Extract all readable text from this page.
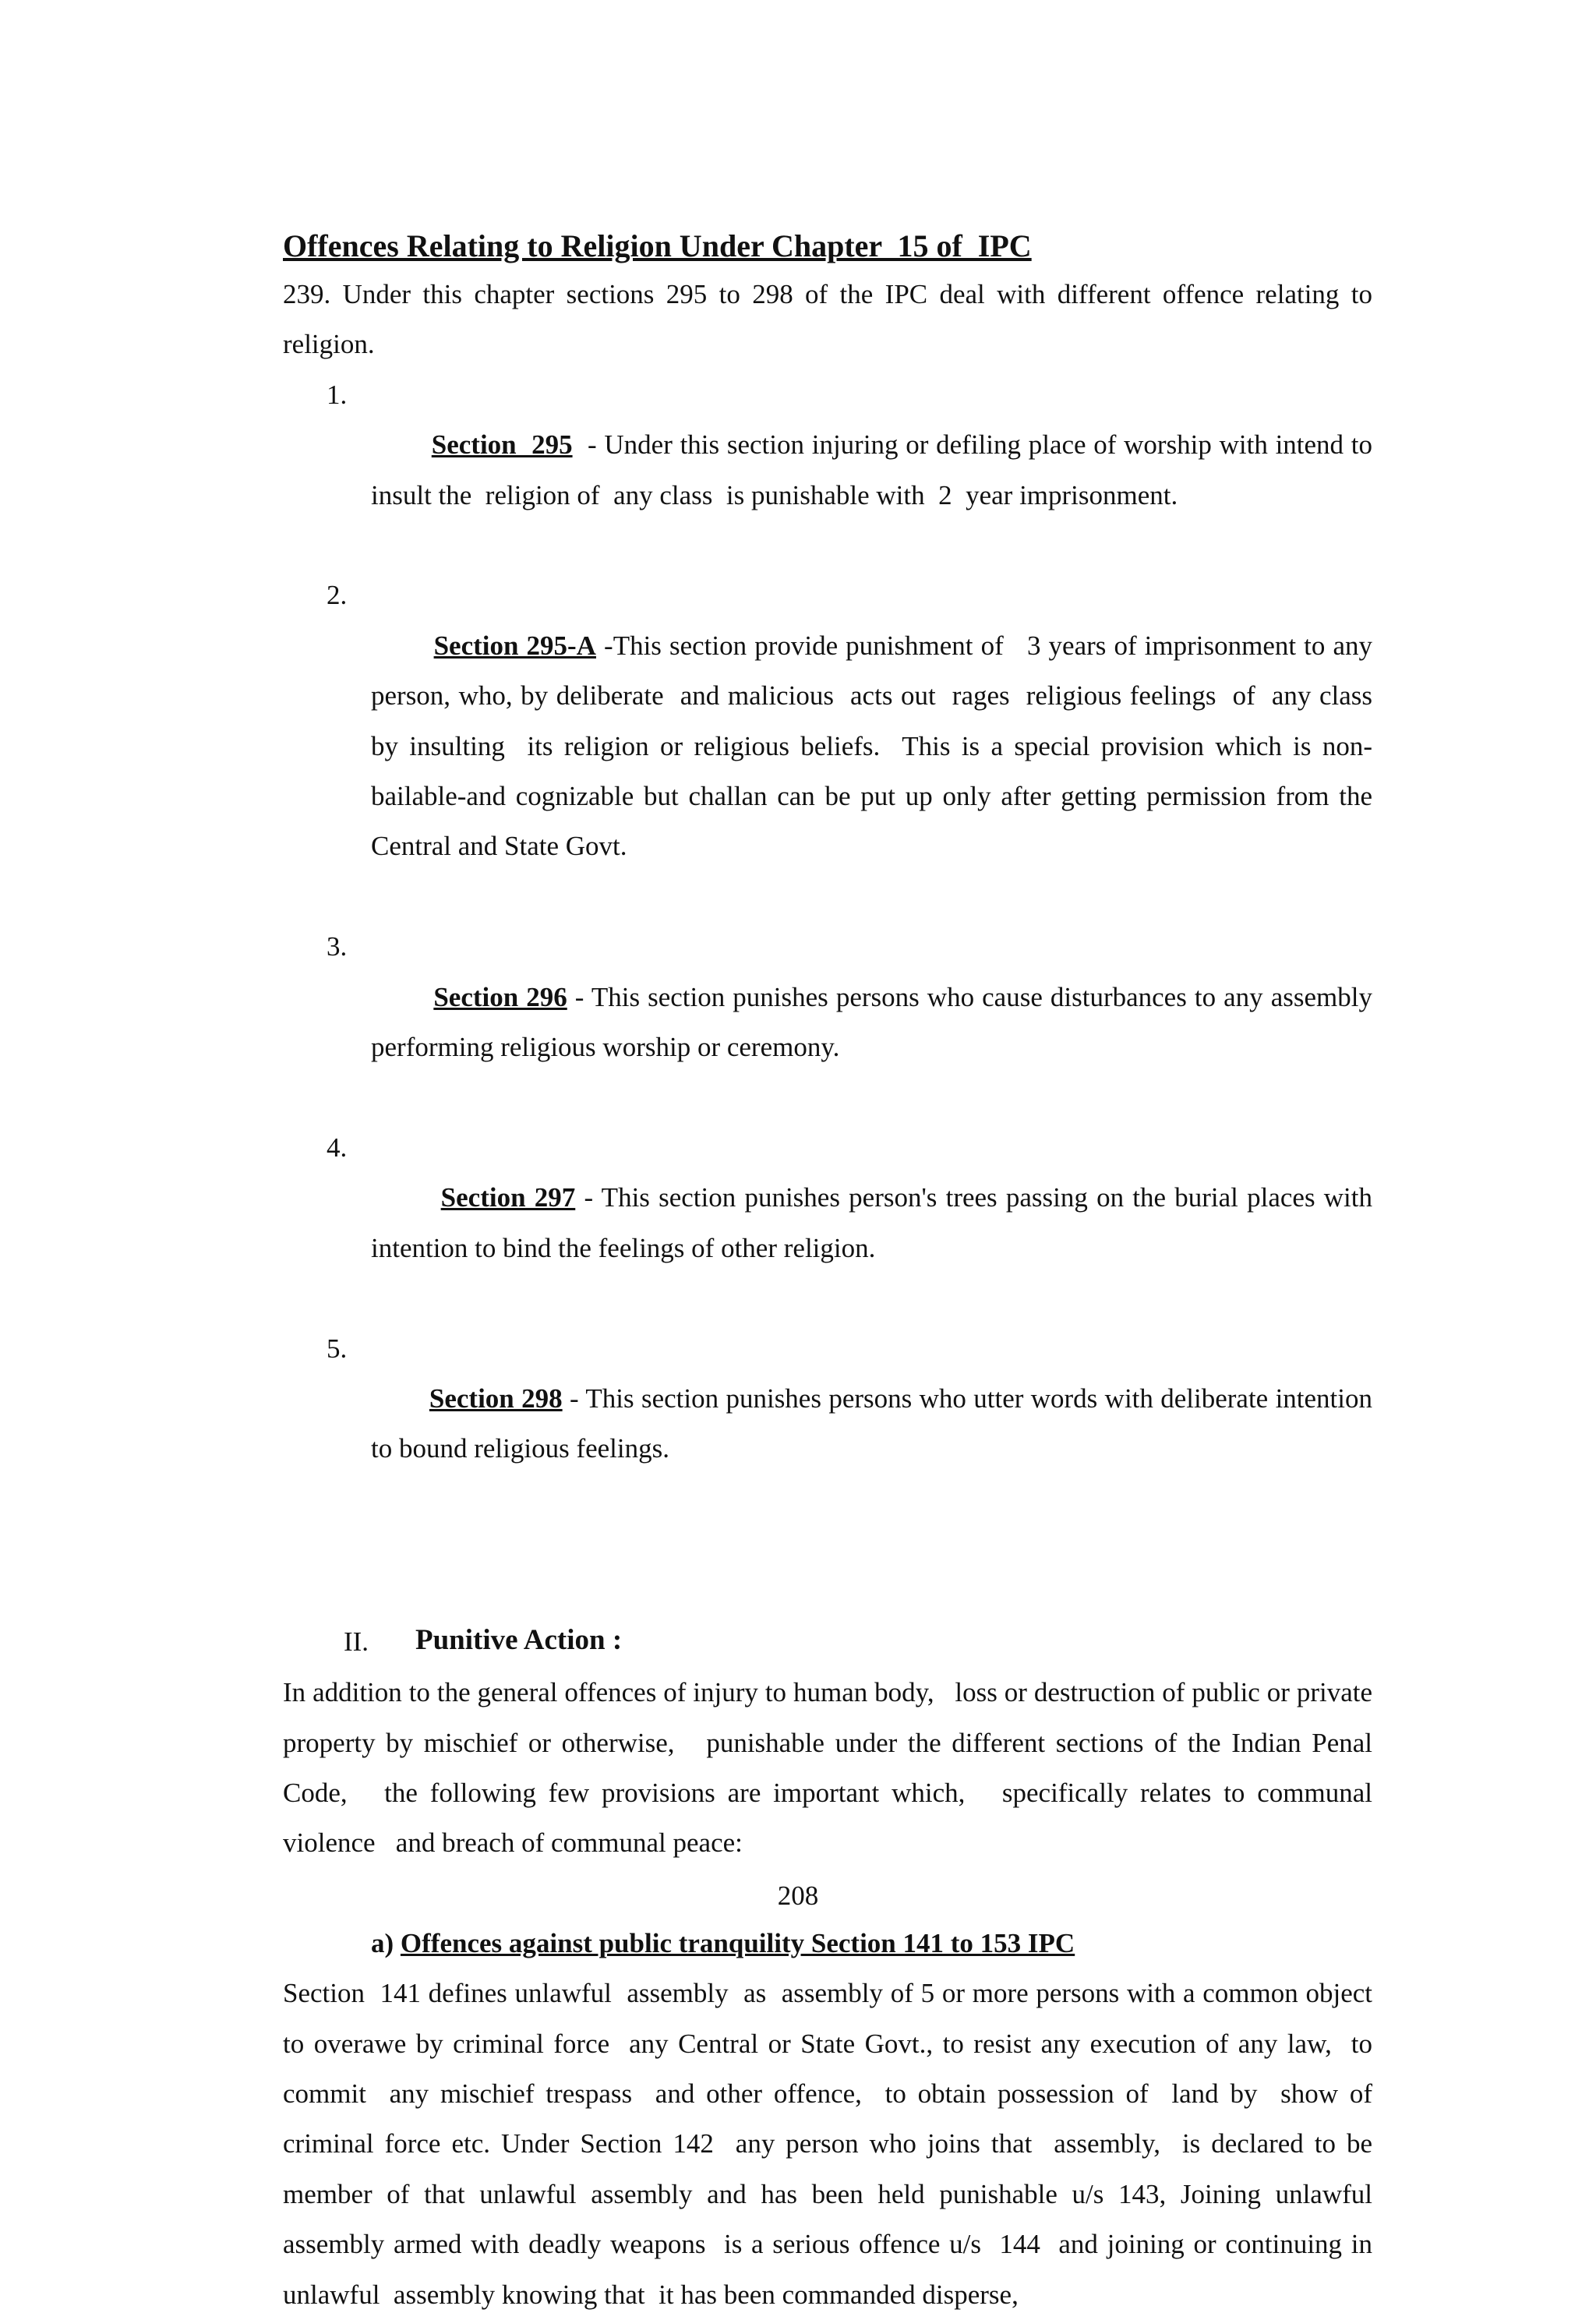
Offences Relating to Religion Under Chapter  15 of  IPC

239. Under this chapter sections 295 to 298 of the IPC deal with different offence relating to religion.

1.
Section  295  - Under this section injuring or defiling place of worship with intend to insult the  religion of  any class  is punishable with  2  year imprisonment.

2.
Section 295-A -This section provide punishment of   3 years of imprisonment to any person, who, by deliberate  and malicious  acts out  rages  religious feelings  of  any class by insulting  its religion or religious beliefs.  This is a special provision which is non-bailable-and cognizable but challan can be put up only after getting permission from the Central and State Govt.

3.
Section 296 - This section punishes persons who cause disturbances to any assembly performing religious worship or ceremony.

4.
Section 297 - This section punishes person's trees passing on the burial places with intention to bind the feelings of other religion.

5.
Section 298 - This section punishes persons who utter words with deliberate intention to bound religious feelings.

II. Punitive Action :

In addition to the general offences of injury to human body,   loss or destruction of public or private property by mischief or otherwise,   punishable under the different sections of the Indian Penal Code,   the following few provisions are important which,   specifically relates to communal violence   and breach of communal peace:

a) Offences against public tranquility Section 141 to 153 IPC

Section  141 defines unlawful  assembly  as  assembly of 5 or more persons with a common object to overawe by criminal force  any Central or State Govt., to resist any execution of any law,  to commit  any mischief trespass  and other offence,  to obtain possession of  land by  show of criminal force etc. Under Section 142  any person who joins that  assembly,  is declared to be member of that unlawful assembly and has been held punishable u/s 143, Joining unlawful assembly armed with deadly weapons  is a serious offence u/s  144  and joining or continuing in unlawful  assembly knowing that  it has been commanded disperse,

208
